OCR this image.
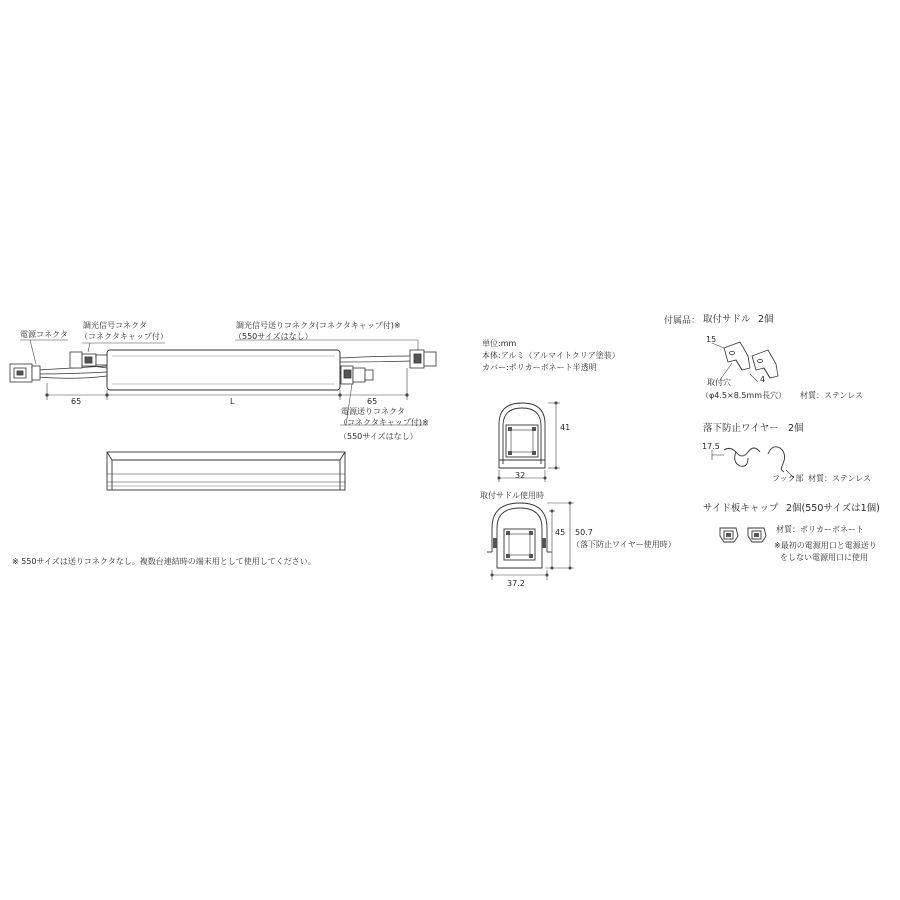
電源コネクタ
調光信号コネクタ
（コネクタキャップ付）
調光信号送りコネクタ(コネクタキャップ付)※
（550サイズはなし）
電源送りコネクタ
（コネクタキャップ付)※
（550サイズはなし）
65	L	65
※ 550サイズは送りコネクタなし。複数台連結時の端末用として使用してください。
単位:mm
本体:アルミ（アルマイトクリア塗装）
カバー:ポリカーボネート半透明
41
32
取付サドル使用時
45 50.7
（落下防止ワイヤー使用時）
37.2
付属品： 取付サドル 2個
15
4
取付穴
（φ4.5×8.5mm長穴） 材質：ステンレス
落下防止ワイヤー 2個
17.5
フック部 材質：ステンレス
サイド板キャップ 2個(550サイズは1個)
材質：ポリカーボネート
※最初の電源用口と電源送り
をしない電源用口に使用
